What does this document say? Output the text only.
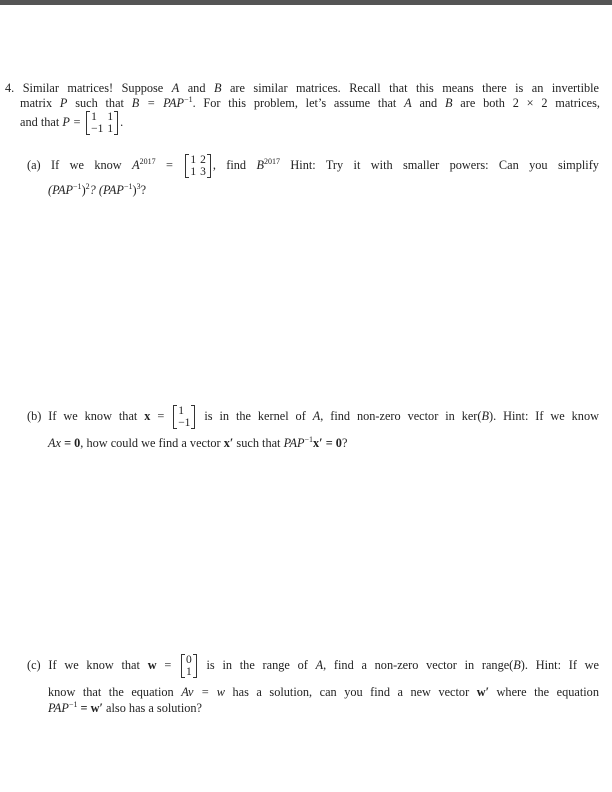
4. Similar matrices! Suppose A and B are similar matrices. Recall that this means there is an invertible
matrix P such that $B = PAP^{-1}$. For this problem, let’s assume that A and B are both 2 × 2 matrices,
and that P = 1	1
−1	1
.
(a) If we know $A^{2017} = 1$	2
1	3
, find $B^{2017}$ Hint: Try it with smaller powers: Can you simplify
$(PAP^{-1})^2$? $(PAP^{-1})^3$?
(b) If we know that x = 1
−1
is in the kernel of A, find non-zero vector in ker(B). Hint: If we know
Ax = 0, how could we find a vector x′ such that $PAP^{-1}x' = 0$?
(c) If we know that w = 0
1
is in the range of A, find a non-zero vector in range(B). Hint: If we
know that the equation Av = w has a solution, can you find a new vector w′ where the equation
$PAP^{-1} = w'$ also has a solution?
